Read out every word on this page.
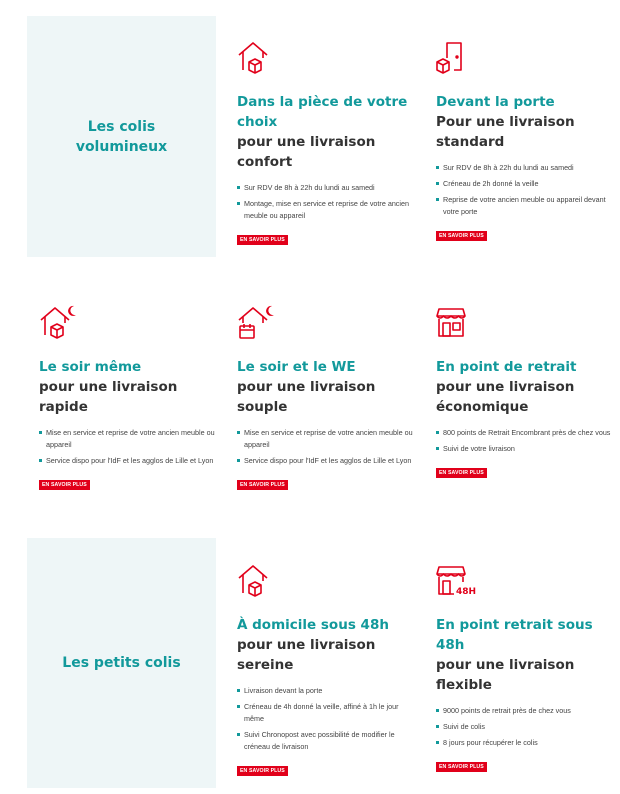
Les colis volumineux
Les petits colis
Dans la pièce de votre choix
pour une livraison confort
Sur RDV de 8h à 22h du lundi au samedi
Montage, mise en service et reprise de votre ancien meuble ou appareil
EN SAVOIR PLUS
Devant la porte
Pour une livraison standard
Sur RDV de 8h à 22h du lundi au samedi
Créneau de 2h donné la veille
Reprise de votre ancien meuble ou appareil devant votre porte
EN SAVOIR PLUS
Le soir même
pour une livraison rapide
Mise en service et reprise de votre ancien meuble ou appareil
Service dispo pour l'IdF et les agglos de Lille et Lyon
EN SAVOIR PLUS
Le soir et le WE
pour une livraison souple
Mise en service et reprise de votre ancien meuble ou appareil
Service dispo pour l'IdF et les agglos de Lille et Lyon
EN SAVOIR PLUS
En point de retrait
pour une livraison économique
800 points de Retrait Encombrant près de chez vous
Suivi de votre livraison
EN SAVOIR PLUS
À domicile sous 48h
pour une livraison sereine
Livraison devant la porte
Créneau de 4h donné la veille, affiné à 1h le jour même
Suivi Chronopost avec possibilité de modifier le créneau de livraison
EN SAVOIR PLUS
48H
En point retrait sous 48h
pour une livraison flexible
9000 points de retrait près de chez vous
Suivi de colis
8 jours pour récupérer le colis
EN SAVOIR PLUS
